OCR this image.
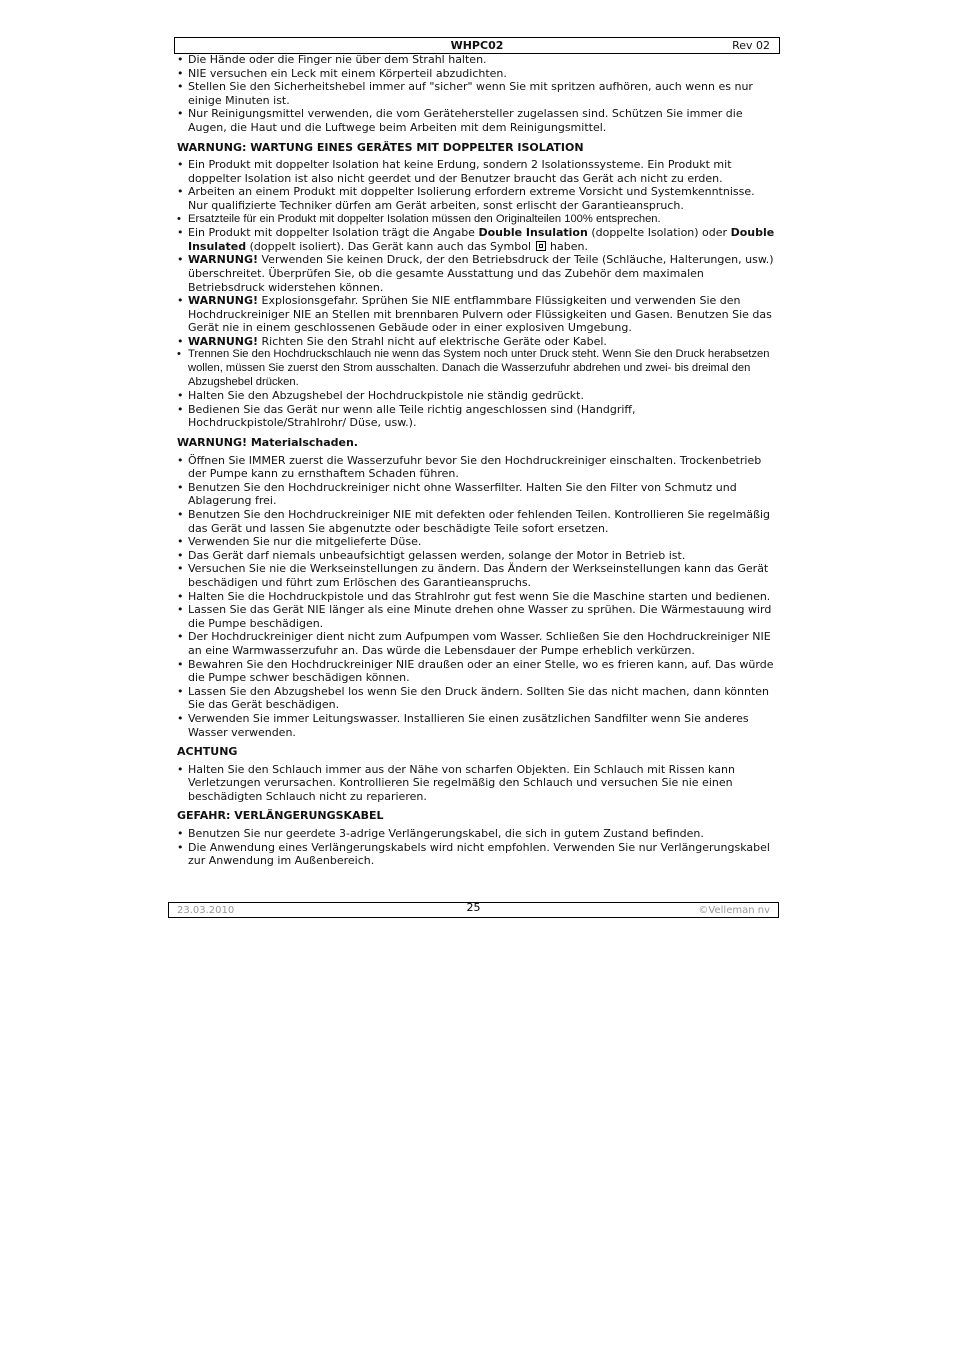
WHPC02	Rev 02
• Die Hände oder die Finger nie über dem Strahl halten.
• NIE versuchen ein Leck mit einem Körperteil abzudichten.
• Stellen Sie den Sicherheitshebel immer auf "sicher" wenn Sie mit spritzen aufhören, auch wenn es nur einige Minuten ist.
• Nur Reinigungsmittel verwenden, die vom Gerätehersteller zugelassen sind. Schützen Sie immer die Augen, die Haut und die Luftwege beim Arbeiten mit dem Reinigungsmittel.
WARNUNG: WARTUNG EINES GERÄTES MIT DOPPELTER ISOLATION
• Ein Produkt mit doppelter Isolation hat keine Erdung, sondern 2 Isolationssysteme. Ein Produkt mit doppelter Isolation ist also nicht geerdet und der Benutzer braucht das Gerät ach nicht zu erden.
• Arbeiten an einem Produkt mit doppelter Isolierung erfordern extreme Vorsicht und Systemkenntnisse. Nur qualifizierte Techniker dürfen am Gerät arbeiten, sonst erlischt der Garantieanspruch.
• Ersatzteile für ein Produkt mit doppelter Isolation müssen den Originalteilen 100% entsprechen.
• Ein Produkt mit doppelter Isolation trägt die Angabe Double Insulation (doppelte Isolation) oder Double Insulated (doppelt isoliert). Das Gerät kann auch das Symbol  haben.
• WARNUNG! Verwenden Sie keinen Druck, der den Betriebsdruck der Teile (Schläuche, Halterungen, usw.) überschreitet. Überprüfen Sie, ob die gesamte Ausstattung und das Zubehör dem maximalen Betriebsdruck widerstehen können.
• WARNUNG! Explosionsgefahr. Sprühen Sie NIE entflammbare Flüssigkeiten und verwenden Sie den Hochdruckreiniger NIE an Stellen mit brennbaren Pulvern oder Flüssigkeiten und Gasen. Benutzen Sie das Gerät nie in einem geschlossenen Gebäude oder in einer explosiven Umgebung.
• WARNUNG! Richten Sie den Strahl nicht auf elektrische Geräte oder Kabel.
• Trennen Sie den Hochdruckschlauch nie wenn das System noch unter Druck steht. Wenn Sie den Druck herabsetzen wollen, müssen Sie zuerst den Strom ausschalten. Danach die Wasserzufuhr abdrehen und zwei- bis dreimal den Abzugshebel drücken.
• Halten Sie den Abzugshebel der Hochdruckpistole nie ständig gedrückt.
• Bedienen Sie das Gerät nur wenn alle Teile richtig angeschlossen sind (Handgriff, Hochdruckpistole/Strahlrohr/ Düse, usw.).
WARNUNG! Materialschaden.
• Öffnen Sie IMMER zuerst die Wasserzufuhr bevor Sie den Hochdruckreiniger einschalten. Trockenbetrieb der Pumpe kann zu ernsthaftem Schaden führen.
• Benutzen Sie den Hochdruckreiniger nicht ohne Wasserfilter. Halten Sie den Filter von Schmutz und Ablagerung frei.
• Benutzen Sie den Hochdruckreiniger NIE mit defekten oder fehlenden Teilen. Kontrollieren Sie regelmäßig das Gerät und lassen Sie abgenutzte oder beschädigte Teile sofort ersetzen.
• Verwenden Sie nur die mitgelieferte Düse.
• Das Gerät darf niemals unbeaufsichtigt gelassen werden, solange der Motor in Betrieb ist.
• Versuchen Sie nie die Werkseinstellungen zu ändern. Das Ändern der Werkseinstellungen kann das Gerät beschädigen und führt zum Erlöschen des Garantieanspruchs.
• Halten Sie die Hochdruckpistole und das Strahlrohr gut fest wenn Sie die Maschine starten und bedienen.
• Lassen Sie das Gerät NIE länger als eine Minute drehen ohne Wasser zu sprühen. Die Wärmestauung wird die Pumpe beschädigen.
• Der Hochdruckreiniger dient nicht zum Aufpumpen vom Wasser. Schließen Sie den Hochdruckreiniger NIE an eine Warmwasserzufuhr an. Das würde die Lebensdauer der Pumpe erheblich verkürzen.
• Bewahren Sie den Hochdruckreiniger NIE draußen oder an einer Stelle, wo es frieren kann, auf. Das würde die Pumpe schwer beschädigen können.
• Lassen Sie den Abzugshebel los wenn Sie den Druck ändern. Sollten Sie das nicht machen, dann könnten Sie das Gerät beschädigen.
• Verwenden Sie immer Leitungswasser. Installieren Sie einen zusätzlichen Sandfilter wenn Sie anderes Wasser verwenden.
ACHTUNG
• Halten Sie den Schlauch immer aus der Nähe von scharfen Objekten. Ein Schlauch mit Rissen kann Verletzungen verursachen. Kontrollieren Sie regelmäßig den Schlauch und versuchen Sie nie einen beschädigten Schlauch nicht zu reparieren.
GEFAHR: VERLÄNGERUNGSKABEL
• Benutzen Sie nur geerdete 3-adrige Verlängerungskabel, die sich in gutem Zustand befinden.
• Die Anwendung eines Verlängerungskabels wird nicht empfohlen. Verwenden Sie nur Verlängerungskabel zur Anwendung im Außenbereich.
23.03.2010	25	©Velleman nv
